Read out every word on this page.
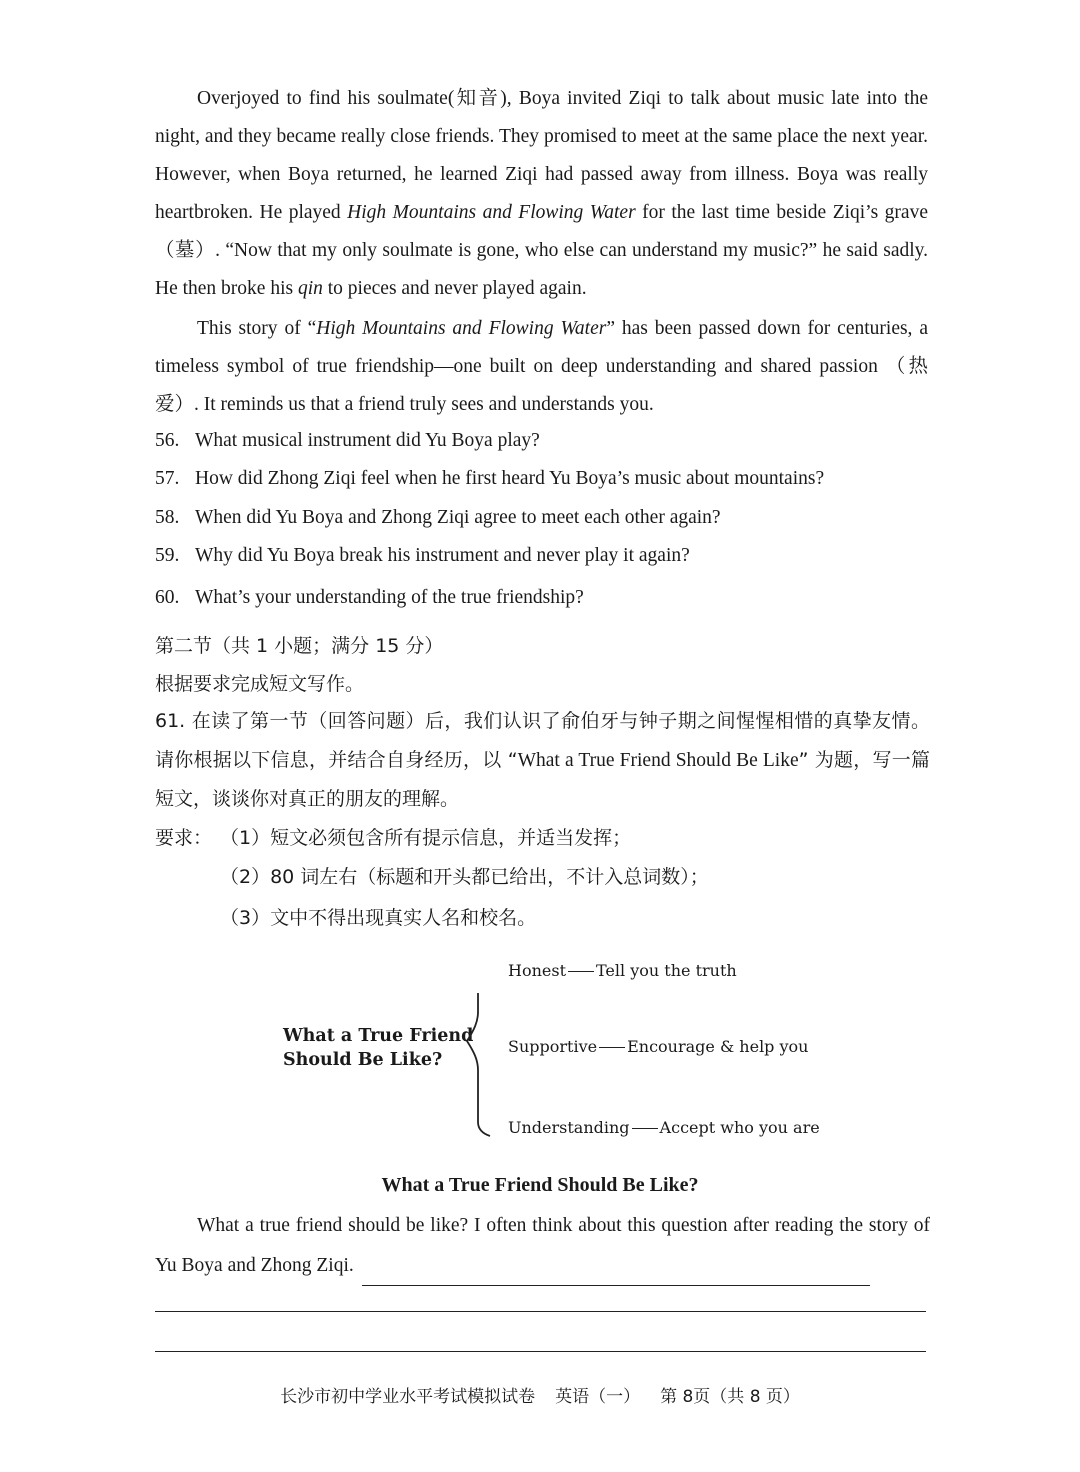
Overjoyed to find his soulmate(知音), Boya invited Ziqi to talk about music late into the night, and they became really close friends. They promised to meet at the same place the next year. However, when Boya returned, he learned Ziqi had passed away from illness. Boya was really heartbroken. He played High Mountains and Flowing Water for the last time beside Ziqi’s grave（墓）. “Now that my only soulmate is gone, who else can understand my music?” he said sadly. He then broke his qin to pieces and never played again.

This story of “High Mountains and Flowing Water” has been passed down for centuries, a timeless symbol of true friendship—one built on deep understanding and shared passion （热爱）. It reminds us that a friend truly sees and understands you.

56. What musical instrument did Yu Boya play?
57. How did Zhong Ziqi feel when he first heard Yu Boya’s music about mountains?
58. When did Yu Boya and Zhong Ziqi agree to meet each other again?
59. Why did Yu Boya break his instrument and never play it again?
60. What’s your understanding of the true friendship?
第二节（共 1 小题；满分 15 分）
根据要求完成短文写作。

61. 在读了第一节（回答问题）后，我们认识了俞伯牙与钟子期之间惺惺相惜的真挚友情。请你根据以下信息，并结合自身经历，以 “What a True Friend Should Be Like” 为题，写一篇短文，谈谈你对真正的朋友的理解。

要求： （1）短文必须包含所有提示信息，并适当发挥；
（2）80 词左右（标题和开头都已给出，不计入总词数）；
（3）文中不得出现真实人名和校名。
What a True Friend
Should Be Like?
Honest Tell you the truth
Supportive Encourage & help you
Understanding Accept who you are
What a True Friend Should Be Like?

What a true friend should be like? I often think about this question after reading the story of Yu Boya and Zhong Ziqi.

长沙市初中学业水平考试模拟试卷 英语（一） 第 8页（共 8 页）
